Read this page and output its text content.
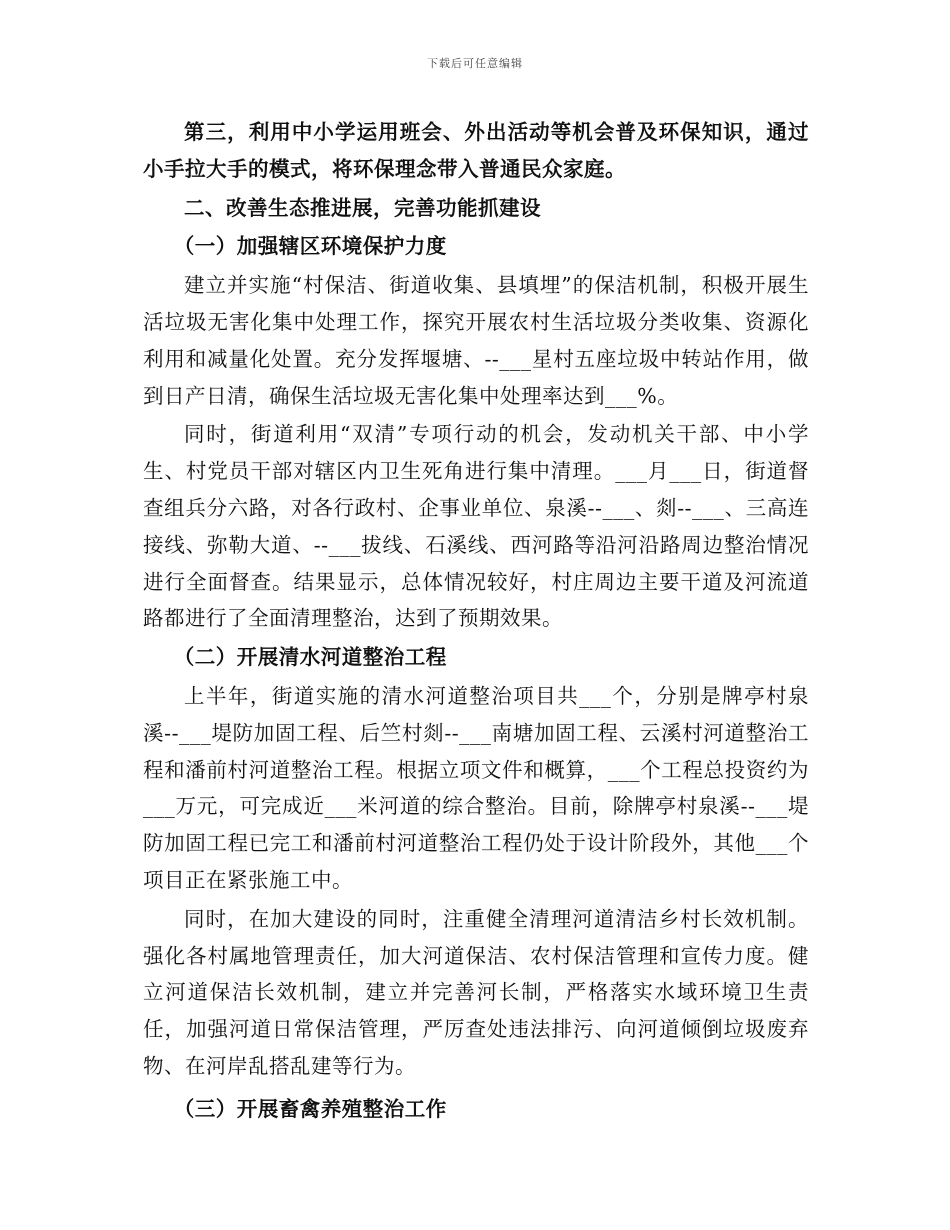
下载后可任意编辑

第三，利用中小学运用班会、外出活动等机会普及环保知识，通过小手拉大手的模式，将环保理念带入普通民众家庭。

二、改善生态推进展，完善功能抓建设

（一）加强辖区环境保护力度

建立并实施“村保洁、街道收集、县填埋”的保洁机制，积极开展生活垃圾无害化集中处理工作，探究开展农村生活垃圾分类收集、资源化利用和减量化处置。充分发挥堰塘、--___星村五座垃圾中转站作用，做到日产日清，确保生活垃圾无害化集中处理率达到___%。

同时，街道利用“双清”专项行动的机会，发动机关干部、中小学生、村党员干部对辖区内卫生死角进行集中清理。___月___日，街道督查组兵分六路，对各行政村、企事业单位、泉溪--___、剡--___、三高连接线、弥勒大道、--___拔线、石溪线、西河路等沿河沿路周边整治情况进行全面督查。结果显示，总体情况较好，村庄周边主要干道及河流道路都进行了全面清理整治，达到了预期效果。

（二）开展清水河道整治工程

上半年，街道实施的清水河道整治项目共___个，分别是牌亭村泉溪--___堤防加固工程、后竺村剡--___南塘加固工程、云溪村河道整治工程和潘前村河道整治工程。根据立项文件和概算，___个工程总投资约为___万元，可完成近___米河道的综合整治。目前，除牌亭村泉溪--___堤防加固工程已完工和潘前村河道整治工程仍处于设计阶段外，其他___个项目正在紧张施工中。

同时，在加大建设的同时，注重健全清理河道清洁乡村长效机制。强化各村属地管理责任，加大河道保洁、农村保洁管理和宣传力度。健立河道保洁长效机制，建立并完善河长制，严格落实水域环境卫生责任，加强河道日常保洁管理，严厉查处违法排污、向河道倾倒垃圾废弃物、在河岸乱搭乱建等行为。

（三）开展畜禽养殖整治工作
